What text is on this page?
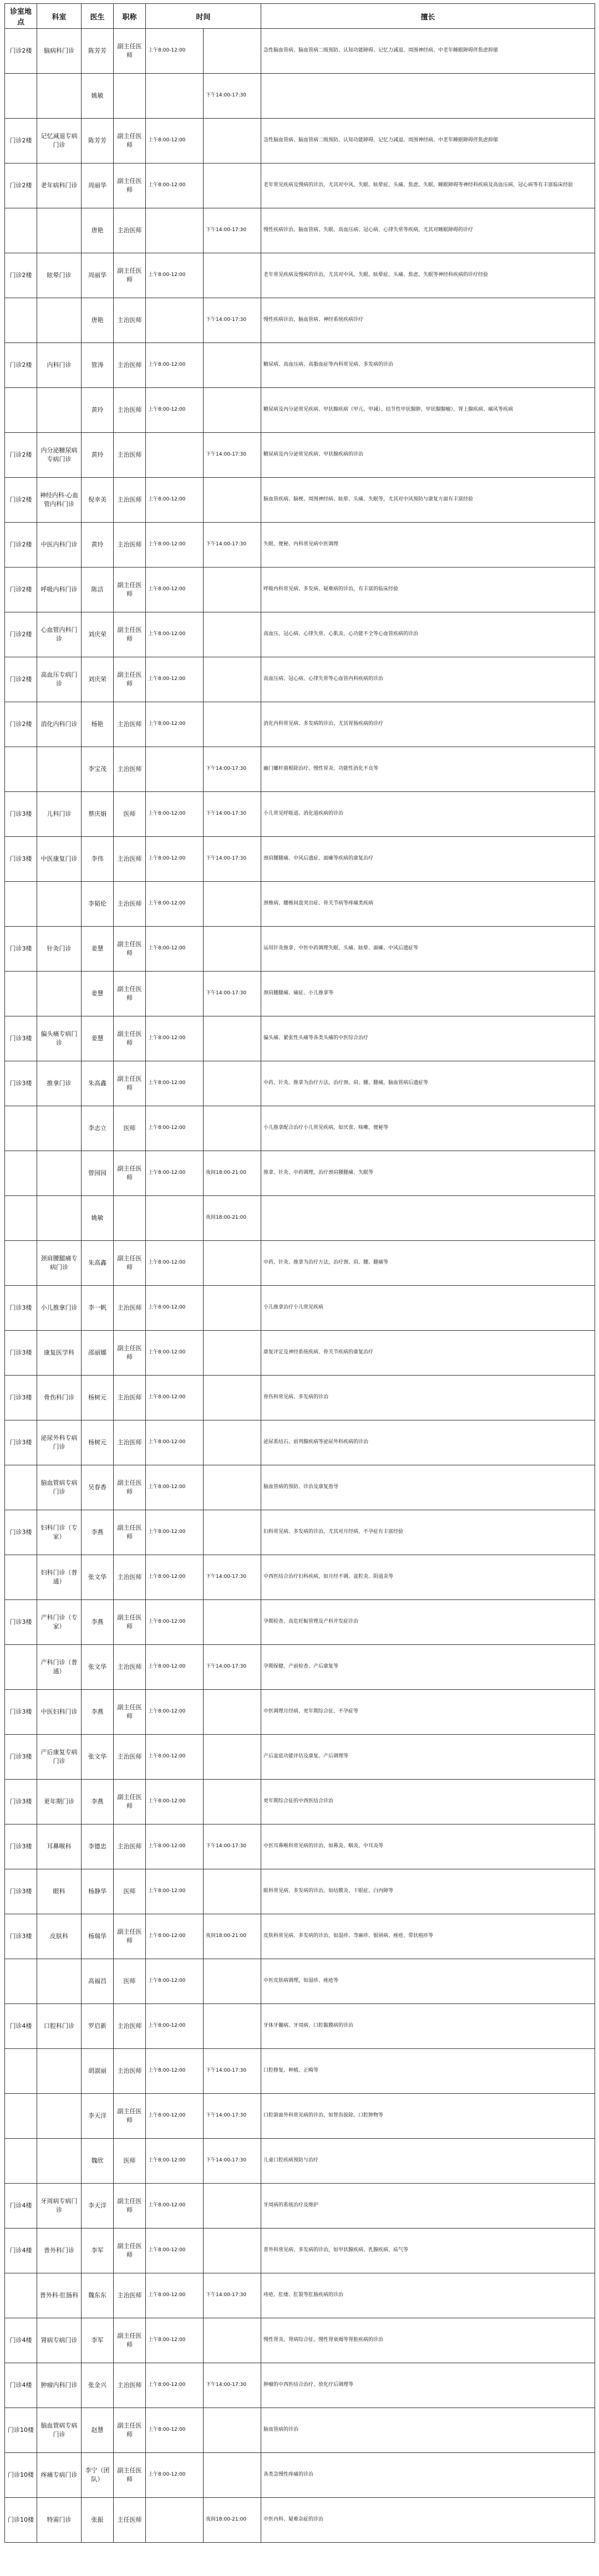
诊室地点	科室	医生	职称	时间		擅长
门诊2楼	脑病科门诊	陈芳芳	副主任医师	上午8:00-12:00		急性脑血管病、脑血管病二级预防、认知功能障碍、记忆力减退、周围神经病、中老年睡眠障碍伴焦虑抑郁
		姚敏			下午14:00-17:30	
门诊2楼	记忆减退专病门诊	陈芳芳	副主任医师	上午8:00-12:00		急性脑血管病、脑血管病二级预防、认知功能障碍、记忆力减退、周围神经病、中老年睡眠障碍伴焦虑抑郁
门诊2楼	老年病科门诊	周丽华	副主任医师	上午8:00-12:00		老年常见疾病及慢病的诊治，尤其对中风、失眠、眩晕症、头痛、焦虑、失眠、睡眠障碍等神经科疾病及高血压病、冠心病等有丰富临床经验
		唐艳	主治医师		下午14:00-17:30	慢性疾病诊治，脑血管病、失眠、高血压病、冠心病、心律失常等疾病，尤其对睡眠障碍的诊疗
门诊2楼	眩晕门诊	周丽华	副主任医师	上午8:00-12:00		老年常见疾病及慢病的诊治，尤其对中风、失眠、眩晕症、头痛、焦虑、失眠等神经科疾病的诊疗经验
		唐艳	主治医师		下午14:00-17:30	慢性疾病诊治，脑血管病、神经系统疾病诊疗
门诊2楼	内科门诊	管涛	主治医师	上午8:00-12:00		糖尿病、高血压病、高脂血症等内科常见病、多发病的诊治
		黄玲	主治医师	上午8:00-12:00		糖尿病及内分泌常见疾病、甲状腺疾病（甲亢、甲减）、结节性甲状腺肿、甲状腺腺瘤）、肾上腺疾病、痛风等疾病
门诊2楼	内分泌糖尿病专病门诊	黄玲	主治医师		下午14:00-17:30	糖尿病及内分泌常见疾病、甲状腺疾病的诊治
门诊2楼	神经内科·心血管内科门诊	倪幸美	主治医师	上午8:00-12:00		脑血管疾病、脑梗、周围神经病、眩晕、头痛、失眠等，尤其对中风预防与康复方面有丰富经验
门诊2楼	中医内科门诊	黄玲	主治医师	上午8:00-12:00	下午14:00-17:30	失眠、便秘、内科常见病中医调理
门诊2楼	呼吸内科门诊	陈洁	副主任医师	上午8:00-12:00		呼吸内科常见病、多发病、疑难病的诊治，有丰富的临床经验
门诊2楼	心血管内科门诊	刘庆荣	副主任医师	上午8:00-12:00		高血压、冠心病、心律失常、心肌炎、心功能不全等心血管疾病的诊治
门诊2楼	高血压专病门诊	刘庆荣	副主任医师	上午8:00-12:00		高血压病、冠心病、心律失常等心血管内科疾病的诊治
门诊2楼	消化内科门诊	杨艳	主治医师	上午8:00-12:00		消化内科常见病、多发病的诊治，尤其胃肠疾病的诊疗
		李宝茂	主治医师		下午14:00-17:30	幽门螺杆菌根除治疗、慢性胃炎、功能性消化不良等
门诊3楼	儿科门诊	蔡庆娟	医师	上午8:00-12:00	下午14:00-17:30	小儿常见呼吸道、消化道疾病的诊治
门诊3楼	中医康复门诊	李伟	主治医师	上午8:00-12:00	下午14:00-17:30	颈肩腰腿痛、中风后遗症、面瘫等疾病的康复治疗
		李韬伦	主治医师	上午8:00-12:00		颈椎病、腰椎间盘突出症、骨关节病等疼痛类疾病
门诊3楼	针灸门诊	姜慧	副主任医师	上午8:00-12:00		运用针灸推拿、中医中药调理失眠、头痛、眩晕、面瘫、中风后遗症等
		姜慧	副主任医师		下午14:00-17:30	颈肩腰腿痛、痛症、小儿推拿等
门诊3楼	偏头痛专病门诊	姜慧	副主任医师	上午8:00-12:00		偏头痛、紧张性头痛等各类头痛的中医综合治疗
门诊3楼	推拿门诊	朱高鑫	副主任医师	上午8:00-12:00		中药、针灸、推拿为治疗方法，治疗颈、肩、腰、腿痛，脑血管病后遗症等
		李志立	医师	上午8:00-12:00		小儿推拿配合治疗小儿常见疾病，如厌食、咳嗽、便秘等
		曾园园	副主任医师	上午8:00-12:00	夜间18:00-21:00	推拿、针灸、中药调理，治疗颈肩腰腿痛、失眠等
		姚敏			夜间18:00-21:00	
	颈肩腰腿痛专病门诊	朱高鑫	副主任医师	上午8:00-12:00		中药、针灸、推拿为治疗方法，治疗颈、肩、腰、腿痛等
门诊3楼	小儿推拿门诊	李一帆	主治医师	上午8:00-12:00		小儿推拿治疗小儿常见疾病
门诊3楼	康复医学科	邵丽娜	副主任医师	上午8:00-12:00		康复评定及神经系统疾病、骨关节疾病的康复治疗
门诊3楼	骨伤科门诊	杨树元	主治医师	上午8:00-12:00		骨伤科常见病、多发病的诊治
门诊3楼	泌尿外科专病门诊	杨树元	主治医师	上午8:00-12:00		泌尿系结石、前列腺疾病等泌尿外科疾病的诊治
	脑血管病专病门诊	吴春香	副主任医师	上午8:00-12:00		脑血管病的预防、诊治及康复指导
门诊3楼	妇科门诊（专家）	李燕	副主任医师	上午8:00-12:00		妇科常见病、多发病的诊治，尤其对月经病、不孕症有丰富经验
	妇科门诊（普通）	张文华	主治医师	上午8:00-12:00	下午14:00-17:30	中西医结合治疗妇科疾病，如月经不调、盆腔炎、阴道炎等
门诊3楼	产科门诊（专家）	李燕	副主任医师	上午8:00-12:00		孕期检查、高危妊娠管理及产科并发症诊治
	产科门诊（普通）	张文华	主治医师	上午8:00-12:00	下午14:00-17:30	孕期保健、产前检查、产后康复等
门诊3楼	中医妇科门诊	李燕	副主任医师	上午8:00-12:00		中医调理月经病、更年期综合征、不孕症等
门诊3楼	产后康复专病门诊	张文华	主治医师	上午8:00-12:00		产后盆底功能评估及康复、产后调理等
门诊3楼	更年期门诊	李燕	副主任医师	上午8:00-12:00		更年期综合征的中西医结合诊治
门诊3楼	耳鼻喉科	李德忠	主治医师	上午8:00-12:00	下午14:00-17:30	中医耳鼻喉科常见病的诊治，如鼻炎、咽炎、中耳炎等
门诊3楼	眼科	杨静华	医师	上午8:00-12:00		眼科常见病、多发病的诊治，如结膜炎、干眼症、白内障等
门诊3楼	皮肤科	杨瑞华	副主任医师	上午8:00-12:00	夜间18:00-21:00	皮肤科常见病、多发病的诊治，如湿疹、荨麻疹、银屑病、痤疮、带状疱疹等
		高福昌	医师	上午8:00-12:00		中医皮肤病调理，如湿疹、痤疮等
门诊4楼	口腔科门诊	罗启新	主治医师	上午8:00-12:00		牙体牙髓病、牙周病、口腔黏膜病的诊治
		胡淑丽	主治医师	上午8:00-12:00	下午14:00-17:30	口腔修复、种植、正畸等
		李天洋	副主任医师	上午8:00-12:00	下午14:00-17:30	口腔颌面外科常见病的诊治，如智齿拔除、口腔肿物等
		魏欣	医师	上午8:00-12:00	下午14:00-17:30	儿童口腔疾病预防与治疗
门诊4楼	牙周病专病门诊	李天洋	副主任医师	上午8:00-12:00		牙周病的系统治疗及维护
门诊4楼	普外科门诊	李军	副主任医师	上午8:00-12:00		普外科常见病、多发病的诊治，如甲状腺疾病、乳腺疾病、疝气等
	普外科·肛肠科	魏东东	主治医师	上午8:00-12:00	下午14:00-17:30	痔疮、肛瘘、肛裂等肛肠疾病的诊治
门诊4楼	肾病专病门诊	李军	副主任医师	上午8:00-12:00		慢性肾炎、肾病综合征、慢性肾衰竭等肾脏疾病的诊治
门诊4楼	肿瘤内科门诊	张金兴	主治医师	上午8:00-12:00	下午14:00-17:30	肿瘤的中西医结合治疗、放化疗后调理等
门诊10楼	脑血管病专病门诊	赵慧	副主任医师	上午8:00-12:00		脑血管病的诊治
门诊10楼	疼痛专病门诊	李宁（团队）	副主任医师	上午8:00-12:00		各类急慢性疼痛的诊治
门诊10楼	特需门诊	张振	主任医师		夜间18:00-21:00	中医内科、疑难杂症的诊治
